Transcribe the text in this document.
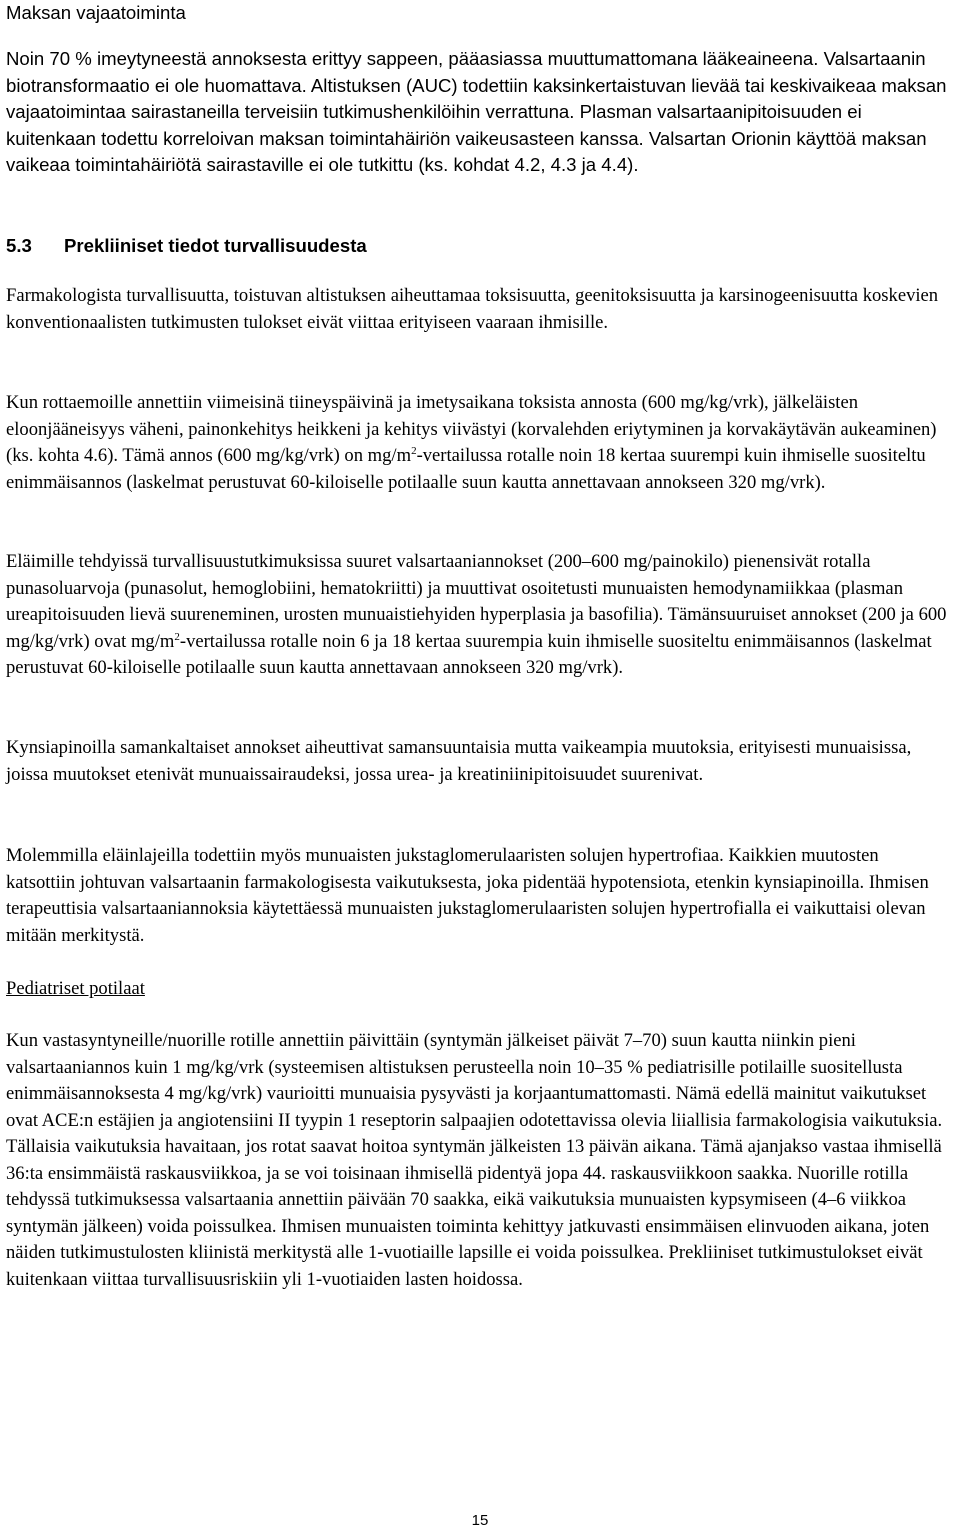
Maksan vajaatoiminta

Noin 70 % imeytyneestä annoksesta erittyy sappeen, pääasiassa muuttumattomana lääkeaineena. Valsartaanin biotransformaatio ei ole huomattava. Altistuksen (AUC) todettiin kaksinkertaistuvan lievää tai keskivaikeaa maksan vajaatoimintaa sairastaneilla terveisiin tutkimushenkilöihin verrattuna. Plasman valsartaanipitoisuuden ei kuitenkaan todettu korreloivan maksan toimintahäiriön vaikeusasteen kanssa. Valsartan Orionin käyttöä maksan vaikeaa toimintahäiriötä sairastaville ei ole tutkittu (ks. kohdat 4.2, 4.3 ja 4.4).

5.3 Prekliiniset tiedot turvallisuudesta

Farmakologista turvallisuutta, toistuvan altistuksen aiheuttamaa toksisuutta, geenitoksisuutta ja karsinogeenisuutta koskevien konventionaalisten tutkimusten tulokset eivät viittaa erityiseen vaaraan ihmisille.

Kun rottaemoille annettiin viimeisinä tiineyspäivinä ja imetysaikana toksista annosta (600 mg/kg/vrk), jälkeläisten eloonjääneisyys väheni, painonkehitys heikkeni ja kehitys viivästyi (korvalehden eriytyminen ja korvakäytävän aukeaminen) (ks. kohta 4.6). Tämä annos (600 mg/kg/vrk) on $mg/m^2$-vertailussa rotalle noin 18 kertaa suurempi kuin ihmiselle suositeltu enimmäisannos (laskelmat perustuvat 60-kiloiselle potilaalle suun kautta annettavaan annokseen 320 mg/vrk).

Eläimille tehdyissä turvallisuustutkimuksissa suuret valsartaaniannokset (200–600 mg/painokilo) pienensivät rotalla punasoluarvoja (punasolut, hemoglobiini, hematokriitti) ja muuttivat osoitetusti munuaisten hemodynamiikkaa (plasman ureapitoisuuden lievä suureneminen, urosten munuaistiehyiden hyperplasia ja basofilia). Tämänsuuruiset annokset (200 ja 600 mg/kg/vrk) ovat $mg/m^2$-vertailussa rotalle noin 6 ja 18 kertaa suurempia kuin ihmiselle suositeltu enimmäisannos (laskelmat perustuvat 60-kiloiselle potilaalle suun kautta annettavaan annokseen 320 mg/vrk).

Kynsiapinoilla samankaltaiset annokset aiheuttivat samansuuntaisia mutta vaikeampia muutoksia, erityisesti munuaisissa, joissa muutokset etenivät munuaissairaudeksi, jossa urea- ja kreatiniinipitoisuudet suurenivat.

Molemmilla eläinlajeilla todettiin myös munuaisten jukstaglomerulaaristen solujen hypertrofiaa. Kaikkien muutosten katsottiin johtuvan valsartaanin farmakologisesta vaikutuksesta, joka pidentää hypotensiota, etenkin kynsiapinoilla. Ihmisen terapeuttisia valsartaaniannoksia käytettäessä munuaisten jukstaglomerulaaristen solujen hypertrofialla ei vaikuttaisi olevan mitään merkitystä.

Pediatriset potilaat

Kun vastasyntyneille/nuorille rotille annettiin päivittäin (syntymän jälkeiset päivät 7–70) suun kautta niinkin pieni valsartaaniannos kuin 1 mg/kg/vrk (systeemisen altistuksen perusteella noin 10–35 % pediatrisille potilaille suositellusta enimmäisannoksesta 4 mg/kg/vrk) vaurioitti munuaisia pysyvästi ja korjaantumattomasti. Nämä edellä mainitut vaikutukset ovat ACE:n estäjien ja angiotensiini II tyypin 1 reseptorin salpaajien odotettavissa olevia liiallisia farmakologisia vaikutuksia. Tällaisia vaikutuksia havaitaan, jos rotat saavat hoitoa syntymän jälkeisten 13 päivän aikana. Tämä ajanjakso vastaa ihmisellä 36:ta ensimmäistä raskausviikkoa, ja se voi toisinaan ihmisellä pidentyä jopa 44. raskausviikkoon saakka. Nuorille rotilla tehdyssä tutkimuksessa valsartaania annettiin päivään 70 saakka, eikä vaikutuksia munuaisten kypsymiseen (4–6 viikkoa syntymän jälkeen) voida poissulkea. Ihmisen munuaisten toiminta kehittyy jatkuvasti ensimmäisen elinvuoden aikana, joten näiden tutkimustulosten kliinistä merkitystä alle 1-vuotiaille lapsille ei voida poissulkea. Prekliiniset tutkimustulokset eivät kuitenkaan viittaa turvallisuusriskiin yli 1-vuotiaiden lasten hoidossa.

15
